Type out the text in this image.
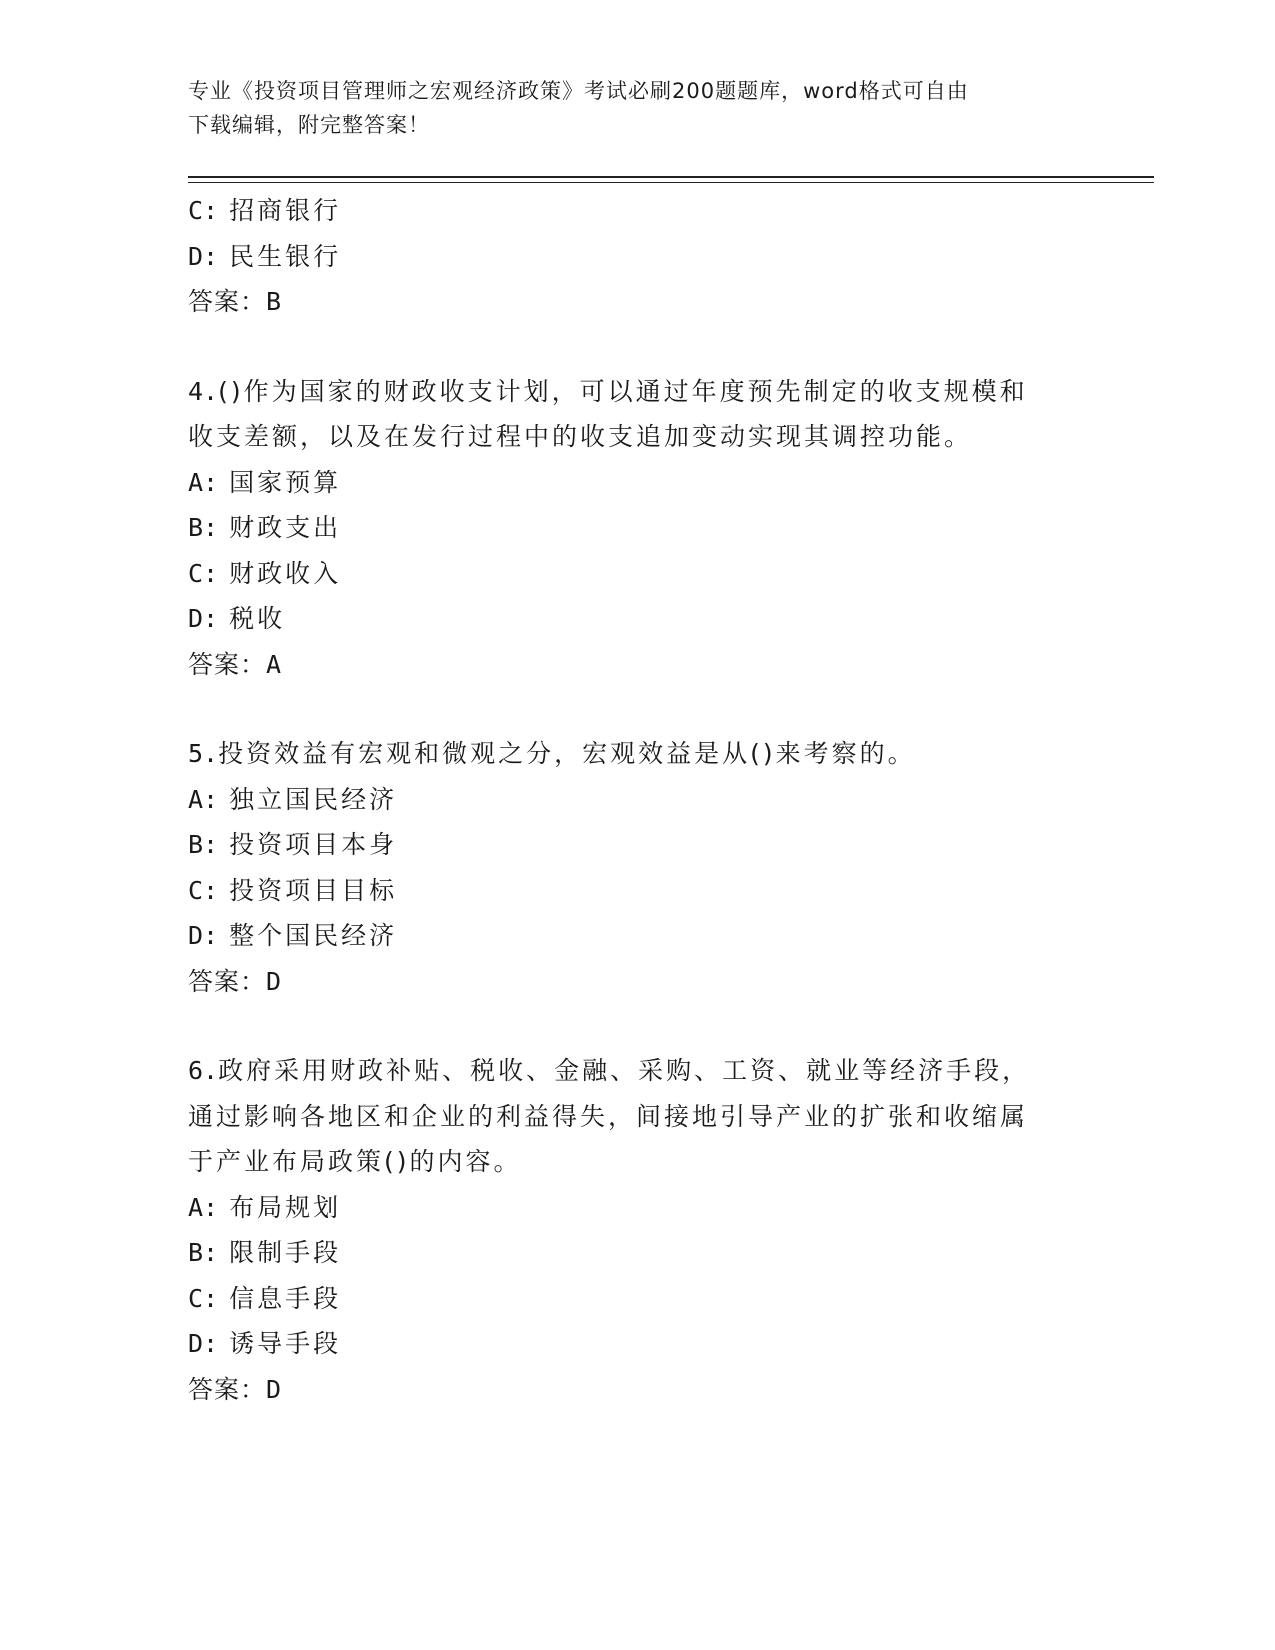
专业《投资项目管理师之宏观经济政策》考试必刷200题题库，word格式可自由
下载编辑，附完整答案！
C: 招商银行
D: 民生银行
答案：B
4.()作为国家的财政收支计划，可以通过年度预先制定的收支规模和
收支差额，以及在发行过程中的收支追加变动实现其调控功能。
A: 国家预算
B: 财政支出
C: 财政收入
D: 税收
答案：A
5.投资效益有宏观和微观之分，宏观效益是从()来考察的。
A: 独立国民经济
B: 投资项目本身
C: 投资项目目标
D: 整个国民经济
答案：D
6.政府采用财政补贴、税收、金融、采购、工资、就业等经济手段，
通过影响各地区和企业的利益得失，间接地引导产业的扩张和收缩属
于产业布局政策()的内容。
A: 布局规划
B: 限制手段
C: 信息手段
D: 诱导手段
答案：D
